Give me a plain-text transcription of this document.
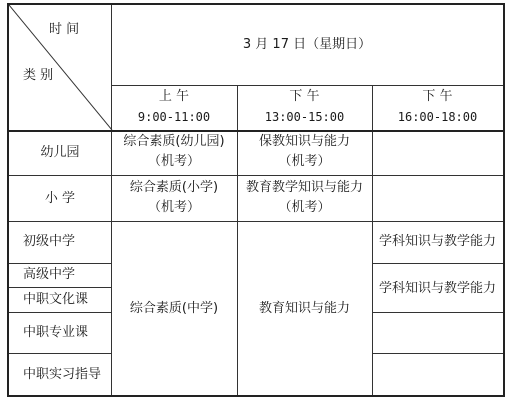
时 间
类 别
3 月 17 日（星期日）
上 午
9:00-11:00
下 午
13:00-15:00
下 午
16:00-18:00
幼儿园
小 学
初级中学
高级中学
中职文化课
中职专业课
中职实习指导
综合素质(幼儿园)
（机考）
保教知识与能力
（机考）
综合素质(小学)
（机考）
教育教学知识与能力
（机考）
综合素质(中学)	教育知识与能力
学科知识与教学能力
学科知识与教学能力
